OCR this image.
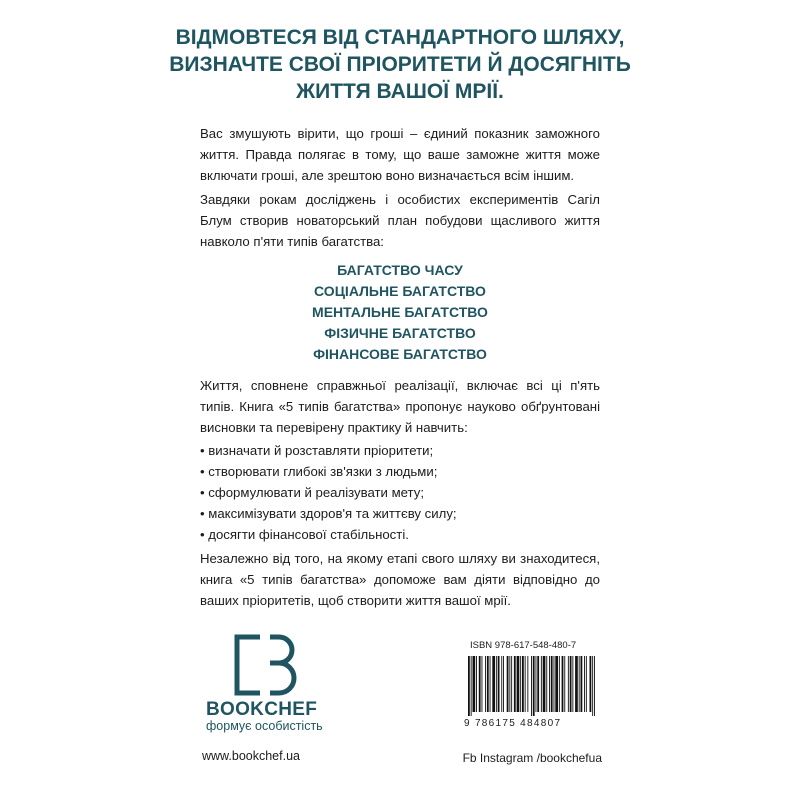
ВІДМОВТЕСЯ ВІД СТАНДАРТНОГО ШЛЯХУ,
ВИЗНАЧТЕ СВОЇ ПРІОРИТЕТИ Й ДОСЯГНІТЬ
ЖИТТЯ ВАШОЇ МРІЇ.
Вас змушують вірити, що гроші – єдиний показник заможного життя. Правда полягає в тому, що ваше заможне життя може включати гроші, але зрештою воно визначається всім іншим.
Завдяки рокам досліджень і особистих експериментів Сагіл Блум створив новаторський план побудови щасливого життя навколо п'яти типів багатства:
БАГАТСТВО ЧАСУ
СОЦІАЛЬНЕ БАГАТСТВО
МЕНТАЛЬНЕ БАГАТСТВО
ФІЗИЧНЕ БАГАТСТВО
ФІНАНСОВЕ БАГАТСТВО
Життя, сповнене справжньої реалізації, включає всі ці п'ять типів. Книга «5 типів багатства» пропонує науково обґрунтовані висновки та перевірену практику й навчить:
• визначати й розставляти пріоритети;
• створювати глибокі зв'язки з людьми;
• сформулювати й реалізувати мету;
• максимізувати здоров'я та життєву силу;
• досягти фінансової стабільності.
Незалежно від того, на якому етапі свого шляху ви знаходитеся, книга «5 типів багатства» допоможе вам діяти відповідно до ваших пріоритетів, щоб створити життя вашої мрії.
BOOKCHEF
формує особистість
ISBN 978-617-548-480-7
9 786175 484807
www.bookchef.ua	Fb Instagram /bookchefua
